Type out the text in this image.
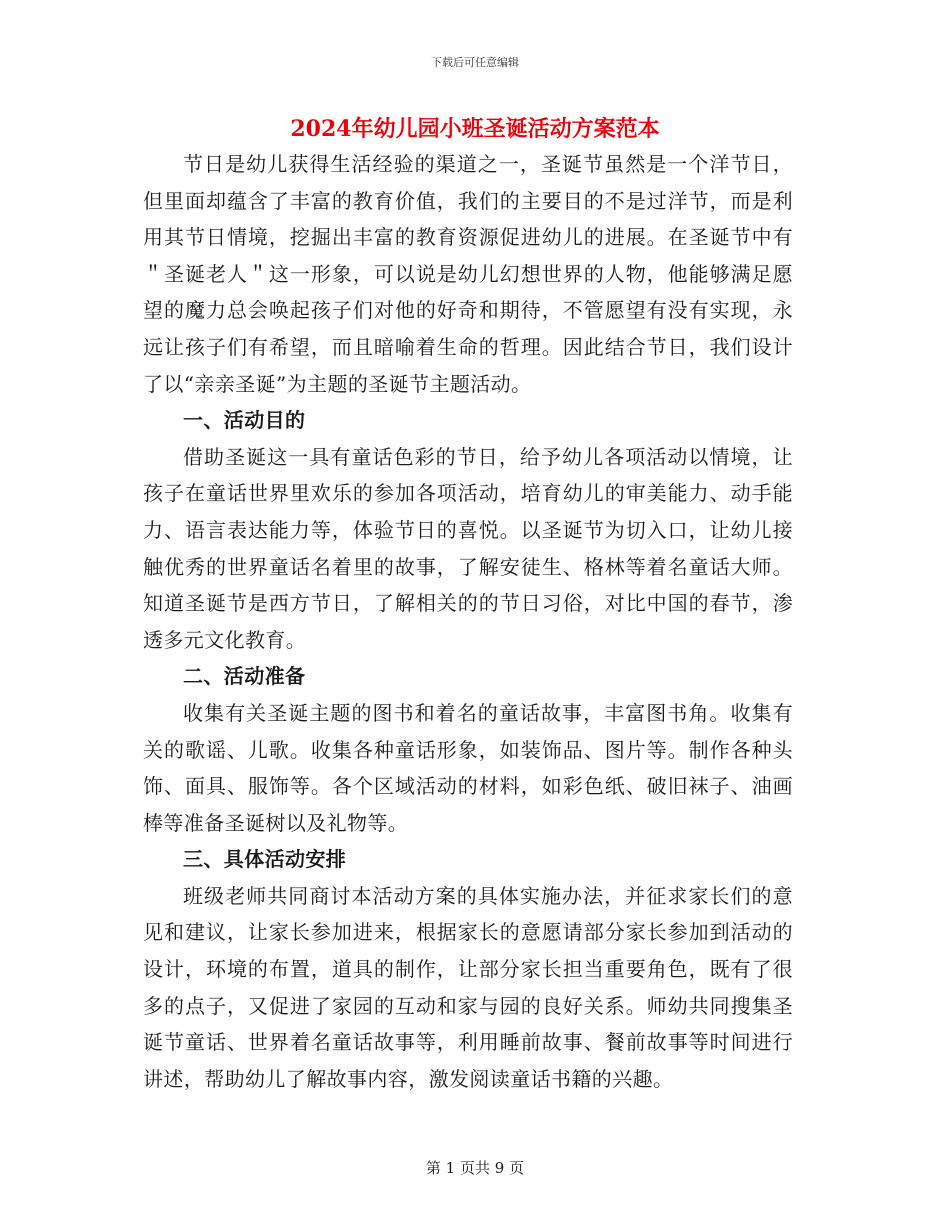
下载后可任意编辑
2024年幼儿园小班圣诞活动方案范本

节日是幼儿获得生活经验的渠道之一，圣诞节虽然是一个洋节日，但里面却蕴含了丰富的教育价值，我们的主要目的不是过洋节，而是利用其节日情境，挖掘出丰富的教育资源促进幼儿的进展。在圣诞节中有＂圣诞老人＂这一形象，可以说是幼儿幻想世界的人物，他能够满足愿望的魔力总会唤起孩子们对他的好奇和期待，不管愿望有没有实现，永远让孩子们有希望，而且暗喻着生命的哲理。因此结合节日，我们设计了以“亲亲圣诞”为主题的圣诞节主题活动。

一、活动目的

借助圣诞这一具有童话色彩的节日，给予幼儿各项活动以情境，让孩子在童话世界里欢乐的参加各项活动，培育幼儿的审美能力、动手能力、语言表达能力等，体验节日的喜悦。以圣诞节为切入口，让幼儿接触优秀的世界童话名着里的故事，了解安徒生、格林等着名童话大师。知道圣诞节是西方节日，了解相关的的节日习俗，对比中国的春节，渗透多元文化教育。

二、活动准备

收集有关圣诞主题的图书和着名的童话故事，丰富图书角。收集有关的歌谣、儿歌。收集各种童话形象，如装饰品、图片等。制作各种头饰、面具、服饰等。各个区域活动的材料，如彩色纸、破旧袜子、油画棒等准备圣诞树以及礼物等。

三、具体活动安排

班级老师共同商讨本活动方案的具体实施办法，并征求家长们的意见和建议，让家长参加进来，根据家长的意愿请部分家长参加到活动的设计，环境的布置，道具的制作，让部分家长担当重要角色，既有了很多的点子，又促进了家园的互动和家与园的良好关系。师幼共同搜集圣诞节童话、世界着名童话故事等，利用睡前故事、餐前故事等时间进行讲述，帮助幼儿了解故事内容，激发阅读童话书籍的兴趣。

第 1 页共 9 页
